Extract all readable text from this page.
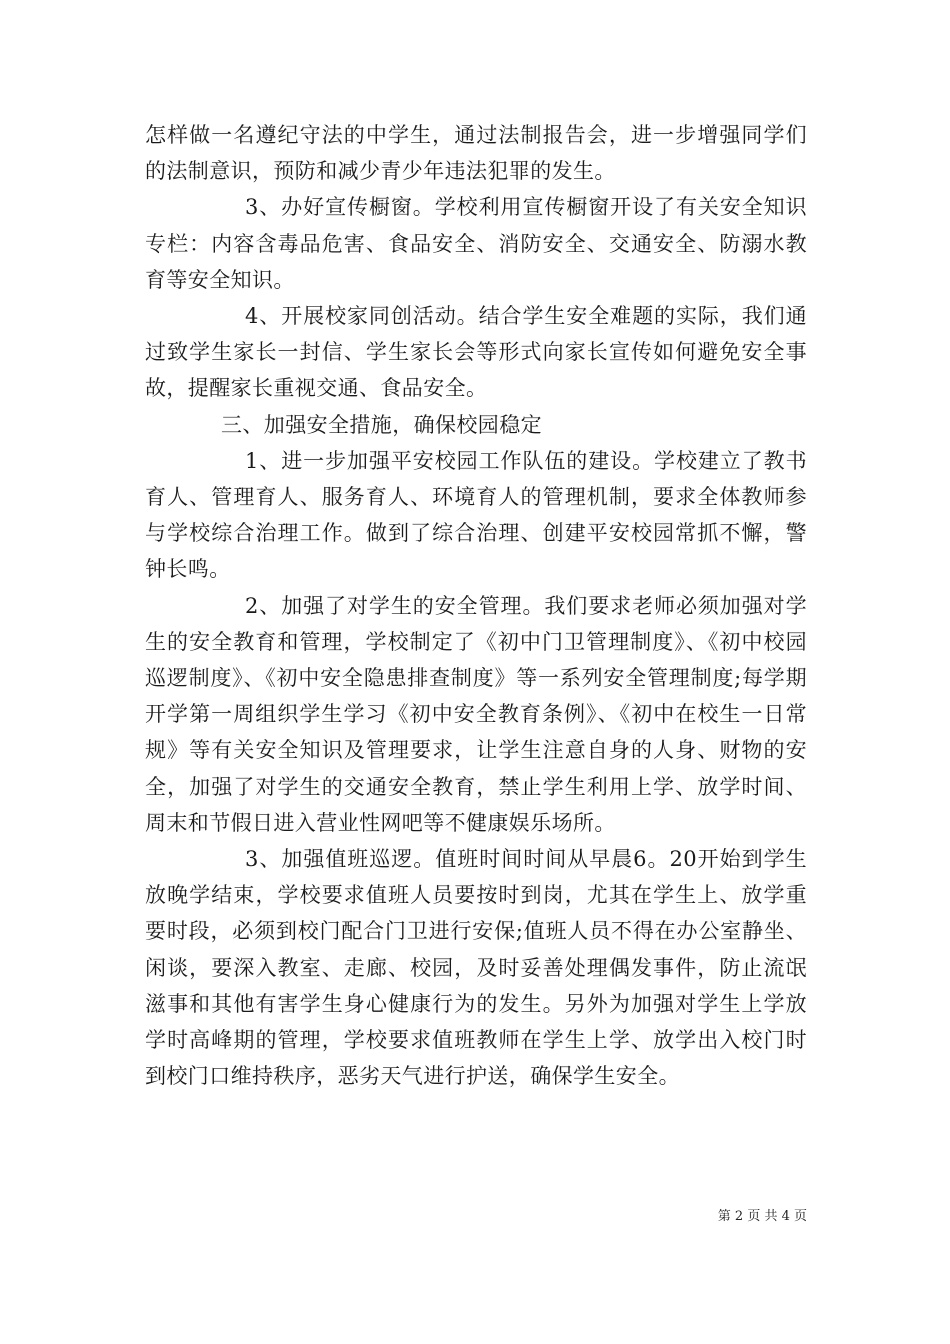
怎样做一名遵纪守法的中学生，通过法制报告会，进一步增强同学们的法制意识，预防和减少青少年违法犯罪的发生。

3、办好宣传橱窗。学校利用宣传橱窗开设了有关安全知识专栏：内容含毒品危害、食品安全、消防安全、交通安全、防溺水教育等安全知识。

4、开展校家同创活动。结合学生安全难题的实际，我们通过致学生家长一封信、学生家长会等形式向家长宣传如何避免安全事故，提醒家长重视交通、食品安全。

三、加强安全措施，确保校园稳定

1、进一步加强平安校园工作队伍的建设。学校建立了教书育人、管理育人、服务育人、环境育人的管理机制，要求全体教师参与学校综合治理工作。做到了综合治理、创建平安校园常抓不懈，警钟长鸣。

2、加强了对学生的安全管理。我们要求老师必须加强对学生的安全教育和管理，学校制定了《初中门卫管理制度》、《初中校园巡逻制度》、《初中安全隐患排查制度》等一系列安全管理制度;每学期开学第一周组织学生学习《初中安全教育条例》、《初中在校生一日常规》等有关安全知识及管理要求，让学生注意自身的人身、财物的安全，加强了对学生的交通安全教育，禁止学生利用上学、放学时间、周末和节假日进入营业性网吧等不健康娱乐场所。

3、加强值班巡逻。值班时间时间从早晨6。20开始到学生放晚学结束，学校要求值班人员要按时到岗，尤其在学生上、放学重要时段，必须到校门配合门卫进行安保;值班人员不得在办公室静坐、闲谈，要深入教室、走廊、校园，及时妥善处理偶发事件，防止流氓滋事和其他有害学生身心健康行为的发生。另外为加强对学生上学放学时高峰期的管理，学校要求值班教师在学生上学、放学出入校门时到校门口维持秩序，恶劣天气进行护送，确保学生安全。

第 2 页 共 4 页
